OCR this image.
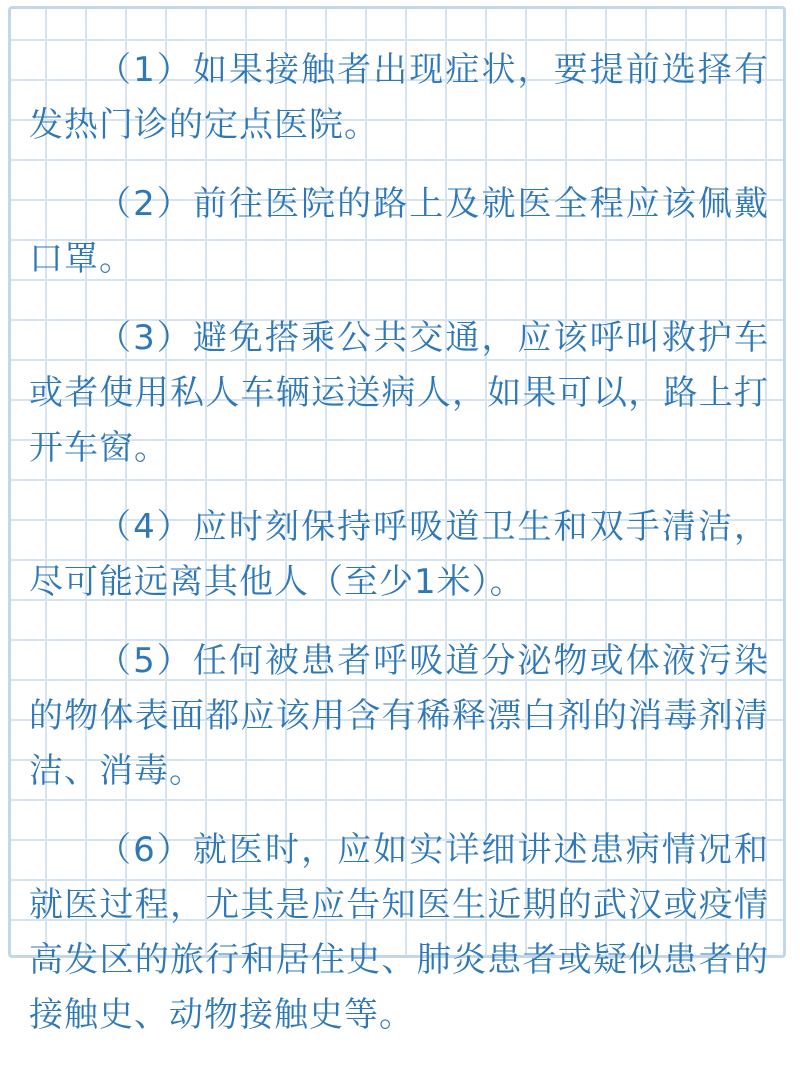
（1）如果接触者出现症状，要提前选择有发热门诊的定点医院。

（2）前往医院的路上及就医全程应该佩戴口罩。

（3）避免搭乘公共交通，应该呼叫救护车或者使用私人车辆运送病人，如果可以，路上打开车窗。

（4）应时刻保持呼吸道卫生和双手清洁，尽可能远离其他人（至少1米）。

（5）任何被患者呼吸道分泌物或体液污染的物体表面都应该用含有稀释漂白剂的消毒剂清洁、消毒。

（6）就医时，应如实详细讲述患病情况和就医过程，尤其是应告知医生近期的武汉或疫情高发区的旅行和居住史、肺炎患者或疑似患者的接触史、动物接触史等。
